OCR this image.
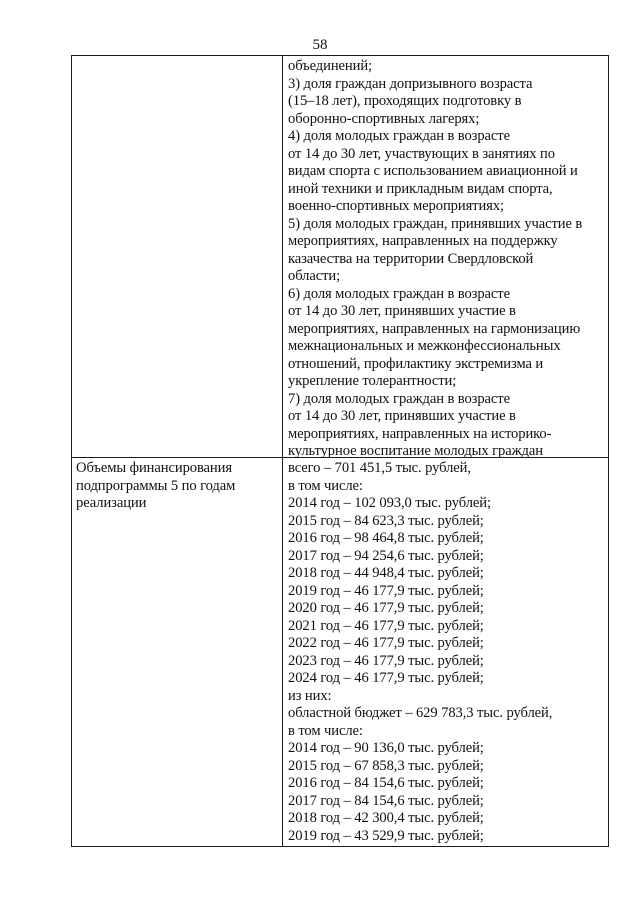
58
объединений;
3) доля граждан допризывного возраста
(15–18 лет), проходящих подготовку в
оборонно-спортивных лагерях;
4) доля молодых граждан в возрасте
от 14 до 30 лет, участвующих в занятиях по
видам спорта с использованием авиационной и
иной техники и прикладным видам спорта,
военно-спортивных мероприятиях;
5) доля молодых граждан, принявших участие в
мероприятиях, направленных на поддержку
казачества на территории Свердловской
области;
6) доля молодых граждан в возрасте
от 14 до 30 лет, принявших участие в
мероприятиях, направленных на гармонизацию
межнациональных и межконфессиональных
отношений, профилактику экстремизма и
укрепление толерантности;
7) доля молодых граждан в возрасте
от 14 до 30 лет, принявших участие в
мероприятиях, направленных на историко-
культурное воспитание молодых граждан
Объемы финансирования
подпрограммы 5 по годам
реализации
всего – 701 451,5 тыс. рублей,
в том числе:
2014 год – 102 093,0 тыс. рублей;
2015 год – 84 623,3 тыс. рублей;
2016 год – 98 464,8 тыс. рублей;
2017 год – 94 254,6 тыс. рублей;
2018 год – 44 948,4 тыс. рублей;
2019 год – 46 177,9 тыс. рублей;
2020 год – 46 177,9 тыс. рублей;
2021 год – 46 177,9 тыс. рублей;
2022 год – 46 177,9 тыс. рублей;
2023 год – 46 177,9 тыс. рублей;
2024 год – 46 177,9 тыс. рублей;
из них:
областной бюджет – 629 783,3 тыс. рублей,
в том числе:
2014 год – 90 136,0 тыс. рублей;
2015 год – 67 858,3 тыс. рублей;
2016 год – 84 154,6 тыс. рублей;
2017 год – 84 154,6 тыс. рублей;
2018 год – 42 300,4 тыс. рублей;
2019 год – 43 529,9 тыс. рублей;
